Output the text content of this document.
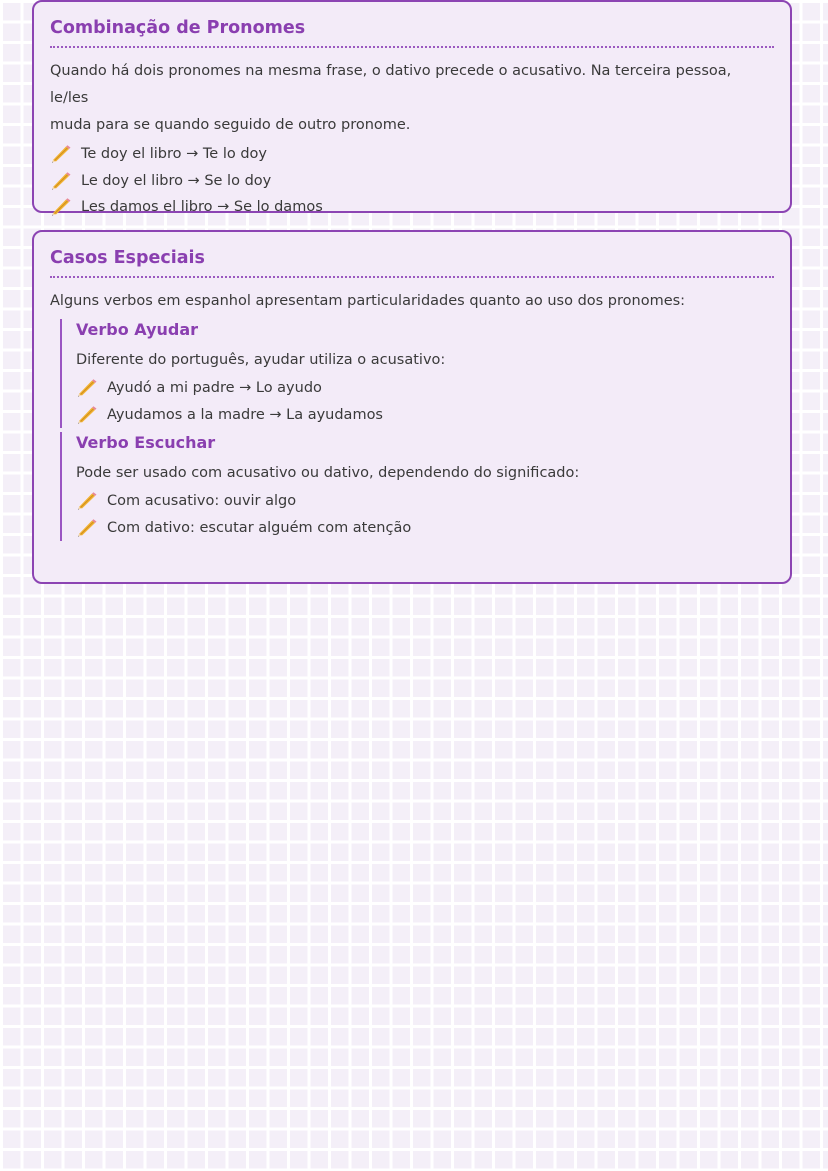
Combinação de Pronomes

Quando há dois pronomes na mesma frase, o dativo precede o acusativo. Na terceira pessoa, le/les

muda para se quando seguido de outro pronome.

Te doy el libro → Te lo doy
Le doy el libro → Se lo doy
Les damos el libro → Se lo damos
Casos Especiais

Alguns verbos em espanhol apresentam particularidades quanto ao uso dos pronomes:

Verbo Ayudar

Diferente do português, ayudar utiliza o acusativo:

Ayudó a mi padre → Lo ayudo
Ayudamos a la madre → La ayudamos
Verbo Escuchar

Pode ser usado com acusativo ou dativo, dependendo do significado:

Com acusativo: ouvir algo
Com dativo: escutar alguém com atenção
